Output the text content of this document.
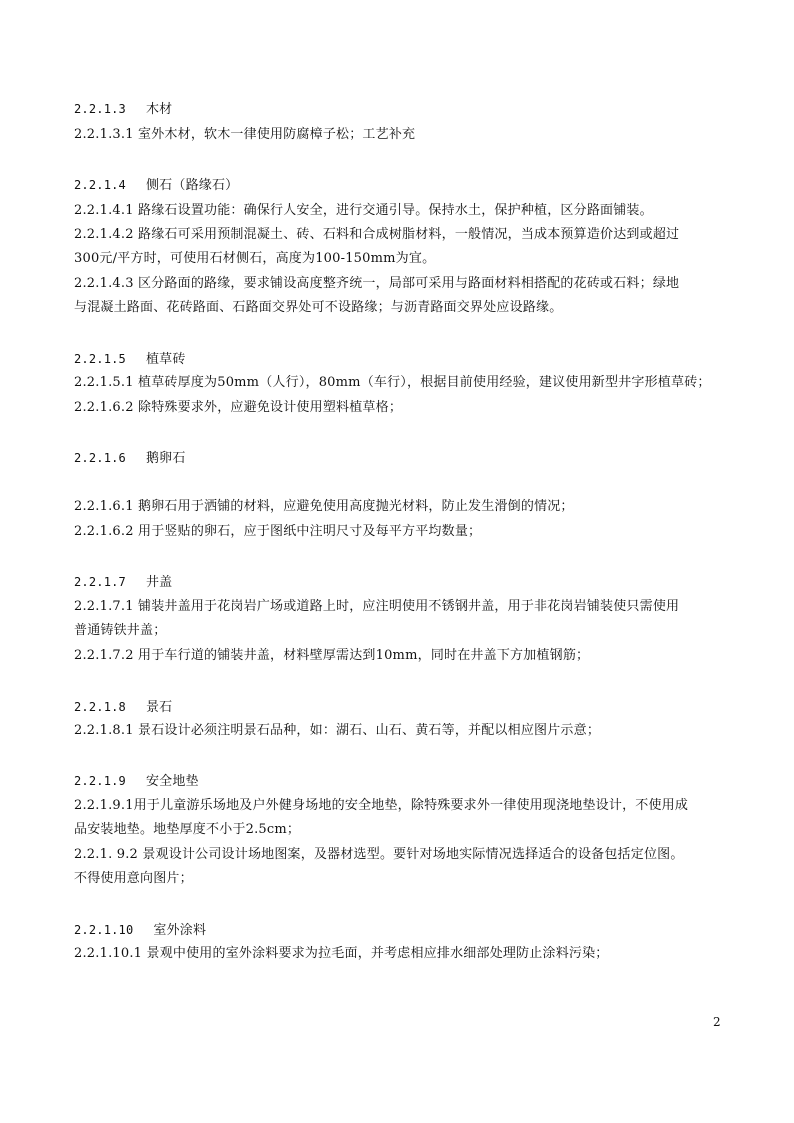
2.2.1.3 木材
2.2.1.3.1 室外木材，软木一律使用防腐樟子松；工艺补充
2.2.1.4 侧石（路缘石）
2.2.1.4.1 路缘石设置功能：确保行人安全，进行交通引导。保持水土，保护种植，区分路面铺装。
2.2.1.4.2 路缘石可采用预制混凝土、砖、石料和合成树脂材料，一般情况，当成本预算造价达到或超过
300元/平方时，可使用石材侧石，高度为100-150mm为宜。
2.2.1.4.3 区分路面的路缘，要求铺设高度整齐统一，局部可采用与路面材料相搭配的花砖或石料；绿地
与混凝土路面、花砖路面、石路面交界处可不设路缘；与沥青路面交界处应设路缘。
2.2.1.5 植草砖
2.2.1.5.1 植草砖厚度为50mm（人行），80mm（车行），根据目前使用经验，建议使用新型井字形植草砖；
2.2.1.6.2 除特殊要求外，应避免设计使用塑料植草格；
2.2.1.6 鹅卵石
2.2.1.6.1 鹅卵石用于洒铺的材料，应避免使用高度抛光材料，防止发生滑倒的情况；
2.2.1.6.2 用于竖贴的卵石，应于图纸中注明尺寸及每平方平均数量；
2.2.1.7 井盖
2.2.1.7.1 铺装井盖用于花岗岩广场或道路上时，应注明使用不锈钢井盖，用于非花岗岩铺装使只需使用
普通铸铁井盖；
2.2.1.7.2 用于车行道的铺装井盖，材料壁厚需达到10mm，同时在井盖下方加植钢筋；
2.2.1.8 景石
2.2.1.8.1 景石设计必须注明景石品种，如：湖石、山石、黄石等，并配以相应图片示意；
2.2.1.9 安全地垫
2.2.1.9.1用于儿童游乐场地及户外健身场地的安全地垫，除特殊要求外一律使用现浇地垫设计，不使用成
品安装地垫。地垫厚度不小于2.5cm；
2.2.1. 9.2 景观设计公司设计场地图案，及器材选型。要针对场地实际情况选择适合的设备包括定位图。
不得使用意向图片；
2.2.1.10 室外涂料
2.2.1.10.1 景观中使用的室外涂料要求为拉毛面，并考虑相应排水细部处理防止涂料污染；
2
